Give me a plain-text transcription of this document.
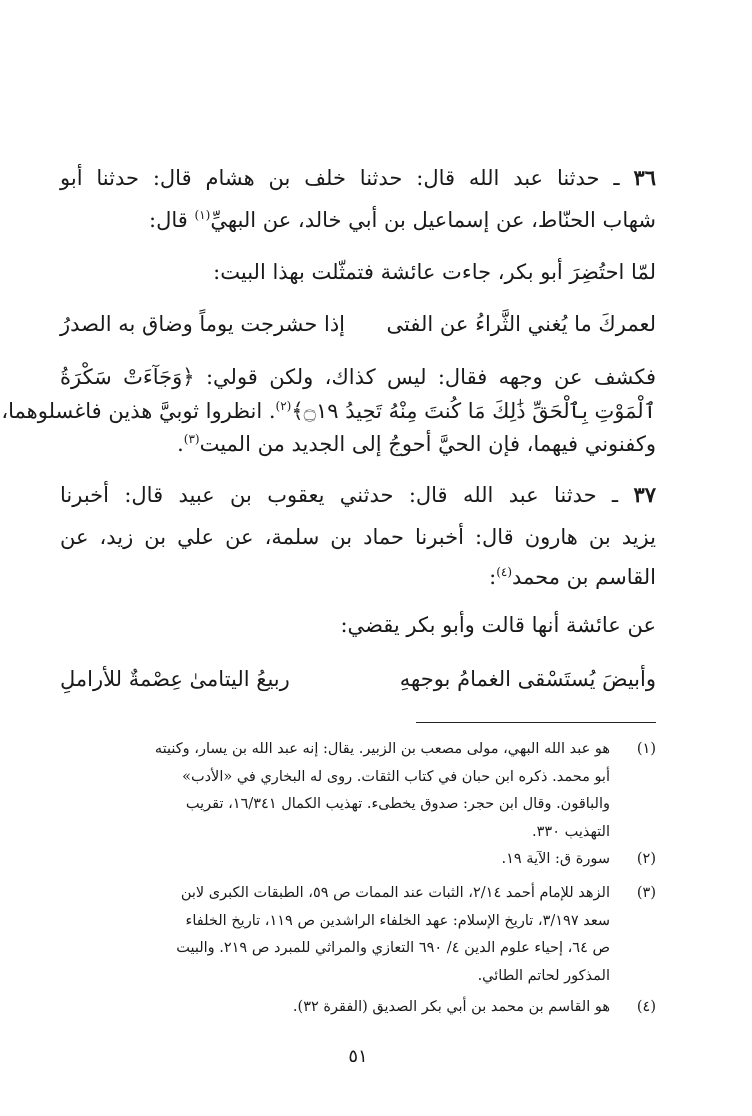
٣٦ ـ حدثنا عبد الله قال: حدثنا خلف بن هشام قال: حدثنا أبو
شهاب الحنّاط، عن إسماعيل بن أبي خالد، عن البهيِّ$^{(١)}$ قال:
لمّا احتُضِرَ أبو بكر، جاءت عائشة فتمثّلت بهذا البيت:
لعمركَ ما يُغني الثَّراءُ عن الفتى
إذا حشرجت يوماً وضاق به الصدرُ
فكشف عن وجهه فقال: ليس كذاك، ولكن قولي: ﴿وَجَآءَتْ سَكْرَةُ
ٱلْمَوْتِ بِٱلْحَقِّ ذَٰلِكَ مَا كُنتَ مِنْهُ تَحِيدُ ۝١٩﴾$^{(٢)}$. انظروا ثوبيَّ هذين فاغسلوهما،
وكفنوني فيهما، فإن الحيَّ أحوجُ إلى الجديد من الميت$^{(٣)}$.
٣٧ ـ حدثنا عبد الله قال: حدثني يعقوب بن عبيد قال: أخبرنا
يزيد بن هارون قال: أخبرنا حماد بن سلمة، عن علي بن زيد، عن
القاسم بن محمد$^{(٤)}$:
عن عائشة أنها قالت وأبو بكر يقضي:
وأبيضَ يُستَسْقى الغمامُ بوجههِ
ربيعُ اليتامىٰ عِصْمةٌ للأراملِ
(١)
هو عبد الله البهي، مولى مصعب بن الزبير. يقال: إنه عبد الله بن يسار، وكنيته
أبو محمد. ذكره ابن حبان في كتاب الثقات. روى له البخاري في «الأدب»
والباقون. وقال ابن حجر: صدوق يخطىء. تهذيب الكمال ١٦/٣٤١، تقريب
التهذيب ٣٣٠.
(٢)
سورة ق: الآية ١٩.
(٣)
الزهد للإمام أحمد ٢/١٤، الثبات عند الممات ص ٥٩، الطبقات الكبرى لابن
سعد ٣/١٩٧، تاريخ الإسلام: عهد الخلفاء الراشدين ص ١١٩، تاريخ الخلفاء
ص ٦٤، إحياء علوم الدين ٤/ ٦٩٠ التعازي والمراثي للمبرد ص ٢١٩. والبيت
المذكور لحاتم الطائي.
(٤)
هو القاسم بن محمد بن أبي بكر الصديق (الفقرة ٣٢).
٥١
